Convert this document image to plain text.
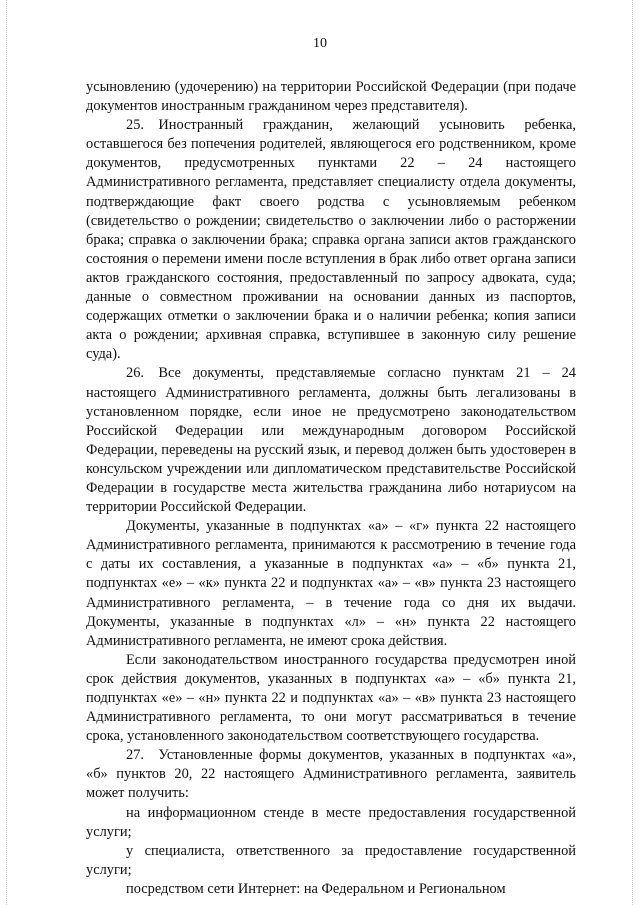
10

усыновлению (удочерению) на территории Российской Федерации (при подаче документов иностранным гражданином через представителя).

25. Иностранный гражданин, желающий усыновить ребенка, оставшегося без попечения родителей, являющегося его родственником, кроме документов, предусмотренных пунктами 22 – 24 настоящего Административного регламента, представляет специалисту отдела документы, подтверждающие факт своего родства с усыновляемым ребенком (свидетельство о рождении; свидетельство о заключении либо о расторжении брака; справка о заключении брака; справка органа записи актов гражданского состояния о перемени имени после вступления в брак либо ответ органа записи актов гражданского состояния, предоставленный по запросу адвоката, суда; данные о совместном проживании на основании данных из паспортов, содержащих отметки о заключении брака и о наличии ребенка; копия записи акта о рождении; архивная справка, вступившее в законную силу решение суда).

26. Все документы, представляемые согласно пунктам 21 – 24 настоящего Административного регламента, должны быть легализованы в установленном порядке, если иное не предусмотрено законодательством Российской Федерации или международным договором Российской Федерации, переведены на русский язык, и перевод должен быть удостоверен в консульском учреждении или дипломатическом представительстве Российской Федерации в государстве места жительства гражданина либо нотариусом на территории Российской Федерации.

Документы, указанные в подпунктах «а» – «г» пункта 22 настоящего Административного регламента, принимаются к рассмотрению в течение года с даты их составления, а указанные в подпунктах «а» – «б» пункта 21, подпунктах «е» – «к» пункта 22 и подпунктах «а» – «в» пункта 23 настоящего Административного регламента, – в течение года со дня их выдачи. Документы, указанные в подпунктах «л» – «н» пункта 22 настоящего Административного регламента, не имеют срока действия.

Если законодательством иностранного государства предусмотрен иной срок действия документов, указанных в подпунктах «а» – «б» пункта 21, подпунктах «е» – «н» пункта 22 и подпунктах «а» – «в» пункта 23 настоящего Административного регламента, то они могут рассматриваться в течение срока, установленного законодательством соответствующего государства.

27. Установленные формы документов, указанных в подпунктах «а», «б» пунктов 20, 22 настоящего Административного регламента, заявитель может получить:

на информационном стенде в месте предоставления государственной услуги;

у специалиста, ответственного за предоставление государственной услуги;

посредством сети Интернет: на Федеральном и Региональном
